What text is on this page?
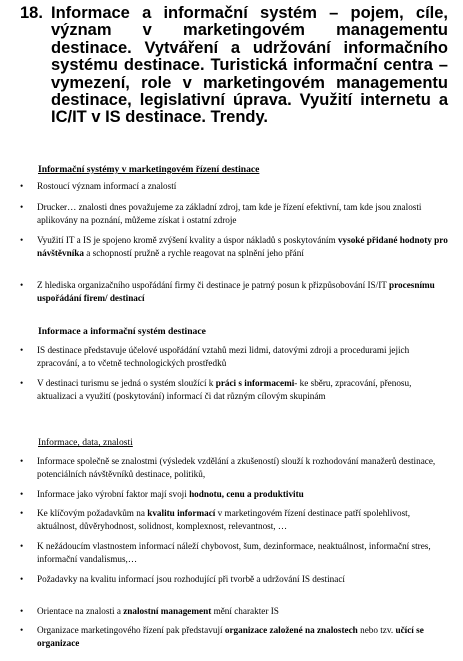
18. Informace a informační systém – pojem, cíle, význam v marketingovém managementu destinace. Vytváření a udržování informačního systému destinace. Turistická informační centra – vymezení, role v marketingovém managementu destinace, legislativní úprava. Využití internetu a IC/IT v IS destinace. Trendy.
Informační systémy v marketingovém řízení destinace
•	Rostoucí význam informací a znalostí
•	Drucker… znalosti dnes považujeme za základní zdroj, tam kde je řízení efektivní, tam kde jsou znalosti aplikovány na poznání, můžeme získat i ostatní zdroje
•	Využití IT a IS je spojeno kromě zvýšení kvality a úspor nákladů s poskytováním vysoké přidané hodnoty pro návštěvníka a schopností pružně a rychle reagovat na splnění jeho přání
•	Z hlediska organizačního uspořádání firmy či destinace je patrný posun k přizpůsobování IS/IT procesnímu uspořádání firem/ destinací
Informace a informační systém destinace
•	IS destinace představuje účelové uspořádání vztahů mezi lidmi, datovými zdroji a procedurami jejich zpracování, a to včetně technologických prostředků
•	V destinaci turismu se jedná o systém sloužící k práci s informacemi- ke sběru, zpracování, přenosu, aktualizaci a využití (poskytování) informací či dat různým cílovým skupinám
Informace, data, znalosti
•	Informace společně se znalostmi (výsledek vzdělání a zkušeností) slouží k rozhodování manažerů destinace, potenciálních návštěvníků destinace, politiků,
•	Informace jako výrobní faktor mají svoji hodnotu, cenu a produktivitu
•	Ke klíčovým požadavkům na kvalitu informací v marketingovém řízení destinace patří spolehlivost, aktuálnost, důvěryhodnost, solidnost, komplexnost, relevantnost, …
•	K nežádoucím vlastnostem informací náleží chybovost, šum, dezinformace, neaktuálnost, informační stres, informační vandalismus,…
•	Požadavky na kvalitu informací jsou rozhodující při tvorbě a udržování IS destinací
•	Orientace na znalosti a znalostní management mění charakter IS
•	Organizace marketingového řízení pak představují organizace založené na znalostech nebo tzv. učící se organizace
